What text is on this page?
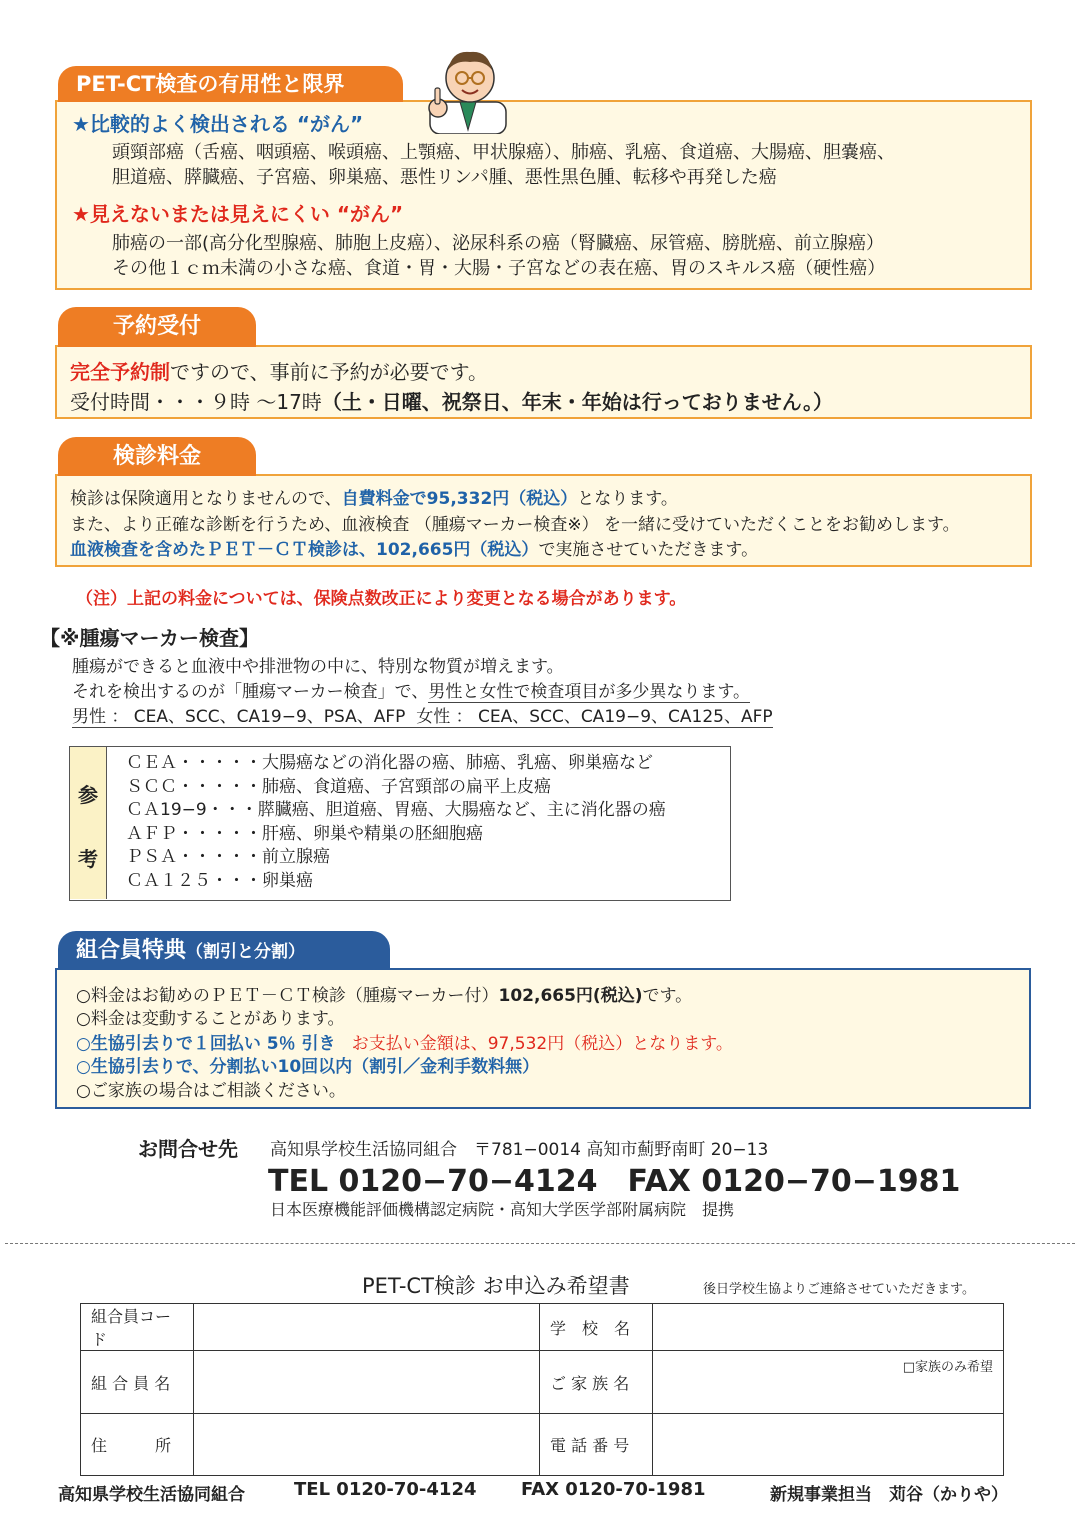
PET-CT検査の有用性と限界
★比較的よく検出される “がん”
頭頸部癌（舌癌、咽頭癌、喉頭癌、上顎癌、甲状腺癌）、肺癌、乳癌、食道癌、大腸癌、胆嚢癌、
胆道癌、膵臓癌、子宮癌、卵巣癌、悪性リンパ腫、悪性黒色腫、転移や再発した癌
★見えないまたは見えにくい “がん”
肺癌の一部(高分化型腺癌、肺胞上皮癌）、泌尿科系の癌（腎臓癌、尿管癌、膀胱癌、前立腺癌）
その他１ｃｍ未満の小さな癌、食道・胃・大腸・子宮などの表在癌、胃のスキルス癌（硬性癌）
予約受付
完全予約制ですので、事前に予約が必要です。
受付時間・・・９時 ～17時（土・日曜、祝祭日、年末・年始は行っておりません。）
検診料金
検診は保険適用となりませんので、自費料金で95,332円（税込）となります。
また、より正確な診断を行うため、血液検査 （腫瘍マーカー検査※） を一緒に受けていただくことをお勧めします。
血液検査を含めたＰＥＴ－ＣＴ検診は、102,665円（税込）で実施させていただきます。
（注）上記の料金については、保険点数改正により変更となる場合があります。
【※腫瘍マーカー検査】
腫瘍ができると血液中や排泄物の中に、特別な物質が増えます。
それを検出するのが「腫瘍マーカー検査」で、男性と女性で検査項目が多少異なります。
男性 ： CEA、SCC、CA19−9、PSA、AFP 女性 ： CEA、SCC、CA19−9、CA125、AFP
参
考
ＣＥＡ・・・・・大腸癌などの消化器の癌、肺癌、乳癌、卵巣癌など
ＳＣＣ・・・・・肺癌、食道癌、子宮頸部の扁平上皮癌
ＣＡ19−9・・・膵臓癌、胆道癌、胃癌、大腸癌など、主に消化器の癌
ＡＦＰ・・・・・肝癌、卵巣や精巣の胚細胞癌
ＰＳＡ・・・・・前立腺癌
ＣＡ１２５・・・卵巣癌
組合員特典（割引と分割）
○料金はお勧めのＰＥＴ－ＣＴ検診（腫瘍マーカー付）102,665円(税込)です。
○料金は変動することがあります。
○生協引去りで１回払い 5％ 引き お支払い金額は、97,532円（税込）となります。
○生協引去りで、分割払い10回以内（割引／金利手数料無）
○ご家族の場合はご相談ください。
お問合せ先 高知県学校生活協同組合　〒781−0014 高知市薊野南町 20−13
TEL 0120−70−4124　FAX 0120−70−1981
日本医療機能評価機構認定病院・高知大学医学部附属病院　提携
PET-CT検診 お申込み希望書	後日学校生協よりご連絡させていただきます。
組合員コード		学　校　名	
組 合 員 名		ご 家 族 名	□家族のみ希望
住　　　所		電 話 番 号	
高知県学校生活協同組合	TEL 0120-70-4124 FAX 0120-70-1981	新規事業担当　苅谷（かりや）
